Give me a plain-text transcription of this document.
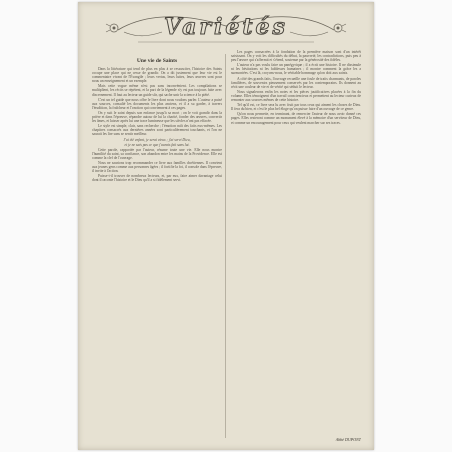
Variétés
Une vie de Saints

Dans la littérature qui tend de plus en plus à se ressusciter, l'histoire des Saints occupe une place qui ne cesse de grandir. On a dit justement que leur vie est le commentaire vivant de l'Évangile ; leurs vertus, leurs luttes, leurs œuvres sont pour nous un enseignement et un exemple.

Mais cette vogue même n'est pas sans inconvénient. Les compilations se multiplient, les récits se répètent, et la part de la légende n'y est pas toujours faite avec discernement. Il faut au lecteur un guide sûr, qui sache unir la science à la piété.

C'est un tel guide que nous offre le livre dont nous voulons parler. L'auteur a puisé aux sources, consulté les documents les plus anciens, et il a su garder, à travers l'érudition, la fraîcheur et l'onction qui conviennent à ces pages.

On y suit le saint depuis son enfance jusqu'à sa mort ; on le voit grandir dans la prière et dans l'épreuve, répandre autour de lui la charité, fonder des œuvres, convertir les âmes, et laisser après lui une trace lumineuse que les siècles n'ont pas effacée.

Le style est simple, clair, sans recherche ; l'émotion naît des faits eux-mêmes. Les chapitres consacrés aux dernières années sont particulièrement touchants, et l'on ne saurait les lire sans se sentir meilleur.

J'ai été enfant, je serai vieux ; j'ai servi Dieu,
et je ne sais pas ce que j'aurais fait sans lui.

Cette parole, rapportée par l'auteur, résume toute une vie. Elle nous montre l'humilité du saint, sa confiance, son abandon entre les mains de la Providence. Elle est comme la clef de l'ouvrage.

Nous ne saurions trop recommander ce livre aux familles chrétiennes. Il convient aux jeunes gens comme aux personnes âgées ; il fortifie la foi, il console dans l'épreuve, il invite à l'action.

Puisse-t-il trouver de nombreux lecteurs, et, par eux, faire aimer davantage celui dont il raconte l'histoire et le Dieu qu'il a si fidèlement servi.

Les pages consacrées à la fondation de la première maison sont d'un intérêt saisissant. On y voit les difficultés du début, la pauvreté, les contradictions, puis peu à peu l'œuvre qui s'affermit et s'étend, soutenue par la générosité des fidèles.

L'auteur n'a pas voulu faire un panégyrique ; il a écrit une histoire. Il ne dissimule ni les hésitations ni les faiblesses humaines ; il montre comment la grâce les a surmontées. C'est là, croyons-nous, le véritable hommage qu'on doit aux saints.

A côté des grands faits, l'ouvrage recueille une foule de traits charmants, de paroles familières, de souvenirs pieusement conservés par les contemporains. Ils donnent au récit une couleur de vie et de vérité qui séduit le lecteur.

Nous signalerons enfin les notes et les pièces justificatives placées à la fin du volume. Elles témoignent d'un travail consciencieux et permettent au lecteur curieux de remonter aux sources mêmes de cette histoire.

Tel qu'il est, ce livre sera lu avec fruit par tous ceux qui aiment les choses de Dieu. Il fera du bien, et c'est le plus bel éloge qu'on puisse faire d'un ouvrage de ce genre.

Qu'on nous permette, en terminant, de remercier l'auteur de nous avoir donné ces pages. Elles resteront comme un monument élevé à la mémoire d'un serviteur de Dieu, et comme un encouragement pour ceux qui veulent marcher sur ses traces.

Abbé DUPONT
